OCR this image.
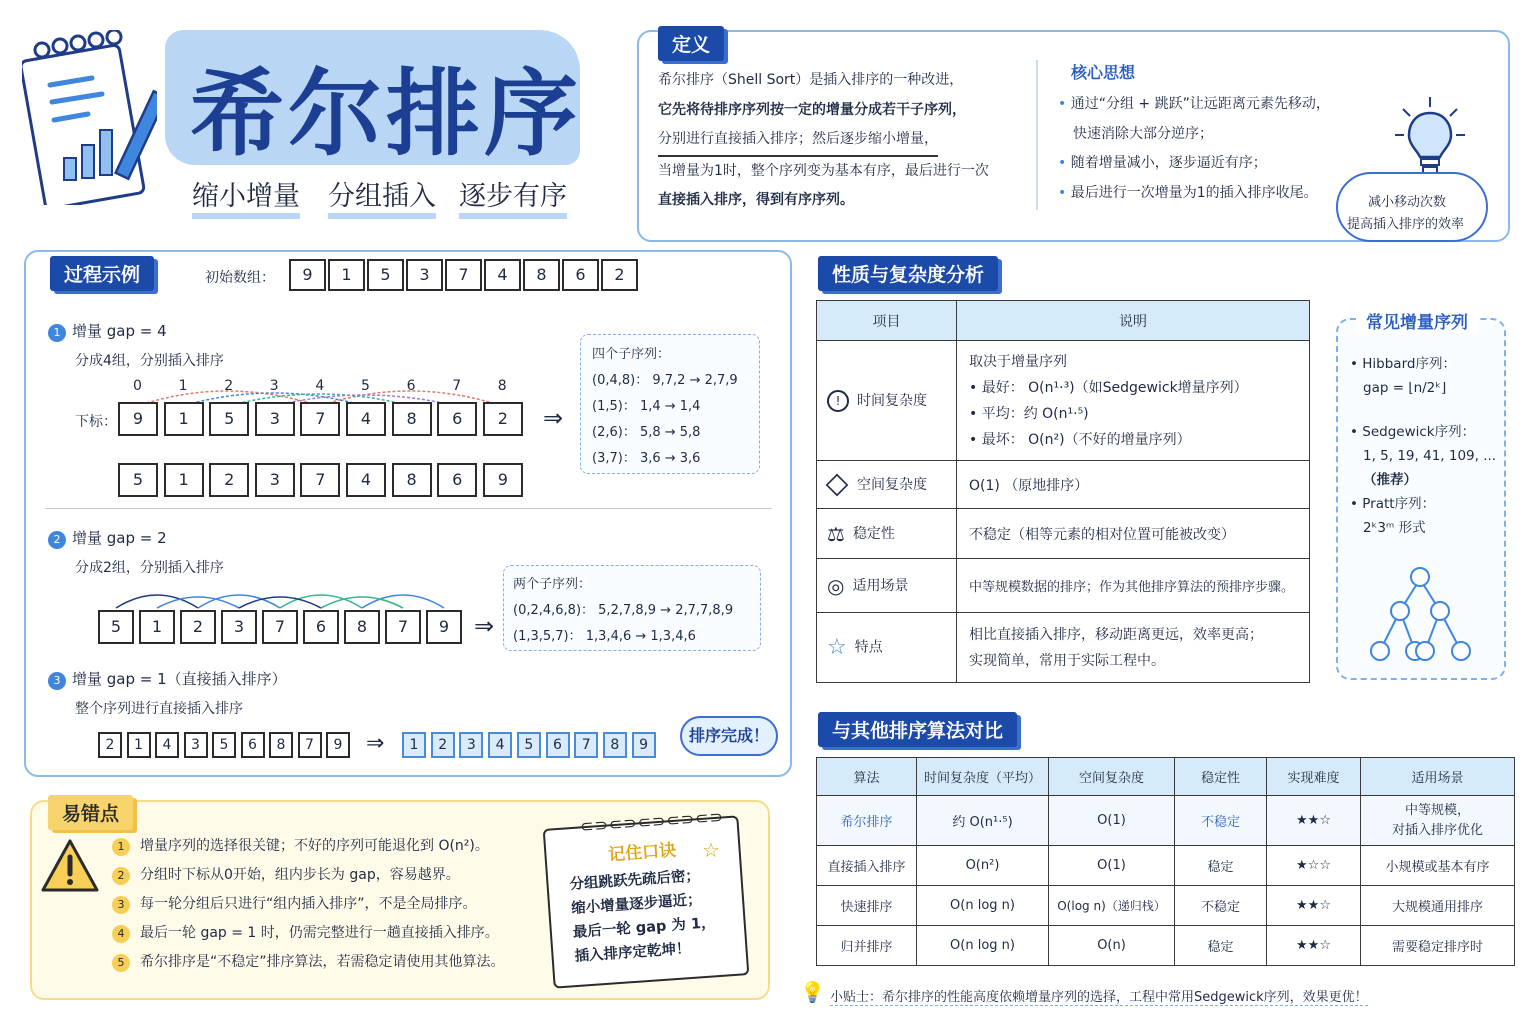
希尔排序
缩小增量 分组插入 逐步有序
定义
希尔排序（Shell Sort）是插入排序的一种改进，
它先将待排序序列按一定的增量分成若干子序列，
分别进行直接插入排序；然后逐步缩小增量，
当增量为1时，整个序列变为基本有序，最后进行一次
直接插入排序，得到有序序列。
核心思想
• 通过“分组 + 跳跃”让远距离元素先移动，
快速消除大部分逆序；
• 随着增量减小，逐步逼近有序；
• 最后进行一次增量为1的插入排序收尾。
减小移动次数
提高插入排序的效率
过程示例	初始数组：	9	1	5	3	7	4	8	6	2
1 增量 gap = 4
分成4组，分别插入排序
0	1	2	3	4	5	6	7	8
下标： 9	1	5	3	7	4	8	6	2	⇒
5	1	2	3	7	4	8	6	9
四个子序列：
(0,4,8)： 9,7,2 → 2,7,9
(1,5)： 1,4 → 1,4
(2,6)： 5,8 → 5,8
(3,7)： 3,6 → 3,6
2 增量 gap = 2
分成2组，分别插入排序
5	1	2	3	7	6	8	7	9	⇒
两个子序列：
(0,2,4,6,8)： 5,2,7,8,9 → 2,7,7,8,9
(1,3,5,7)： 1,3,4,6 → 1,3,4,6
3 增量 gap = 1（直接插入排序）
整个序列进行直接插入排序
2	1	4	3	5	6	8	7	9	⇒	1	2	3	4	5	6	7	8	9	排序完成！
性质与复杂度分析
项目	说明
! 时间复杂度	取决于增量序列
• 最好： O(n¹·³)（如Sedgewick增量序列）
• 平均：约 O(n¹·⁵)
• 最坏： O(n²)（不好的增量序列）

空间复杂度	O(1) （原地排序）
⚖ 稳定性	不稳定（相等元素的相对位置可能被改变）
◎ 适用场景	中等规模数据的排序；作为其他排序算法的预排序步骤。
☆ 特点	相比直接插入排序，移动距离更远，效率更高；
实现简单，常用于实际工程中。
常见增量序列
• Hibbard序列：
gap = ⌊n/2ᵏ⌋
• Sedgewick序列：
1, 5, 19, 41, 109, ...
（推荐）
• Pratt序列：
2ᵏ3ᵐ 形式
与其他排序算法对比
算法	时间复杂度（平均）	空间复杂度	稳定性	实现难度	适用场景
希尔排序	约 O(n¹·⁵)	O(1)	不稳定	★★☆	中等规模，
对插入排序优化

直接插入排序	O(n²)	O(1)	稳定	★☆☆	小规模或基本有序
快速排序	O(n log n)	O(log n)（递归栈）	不稳定	★★☆	大规模通用排序
归并排序	O(n log n)	O(n)	稳定	★★☆	需要稳定排序时
💡 小贴士：希尔排序的性能高度依赖增量序列的选择，工程中常用Sedgewick序列，效果更优！
易错点
1 增量序列的选择很关键；不好的序列可能退化到 O(n²)。
2 分组时下标从0开始，组内步长为 gap，容易越界。
3 每一轮分组后只进行“组内插入排序”，不是全局排序。
4 最后一轮 gap = 1 时，仍需完整进行一趟直接插入排序。
5 希尔排序是“不稳定”排序算法，若需稳定请使用其他算法。
⊂⊃⊂⊃⊂⊃⊂⊃⊂⊃
记住口诀 ☆
分组跳跃先疏后密；
缩小增量逐步逼近；
最后一轮 gap 为 1，
插入排序定乾坤！
